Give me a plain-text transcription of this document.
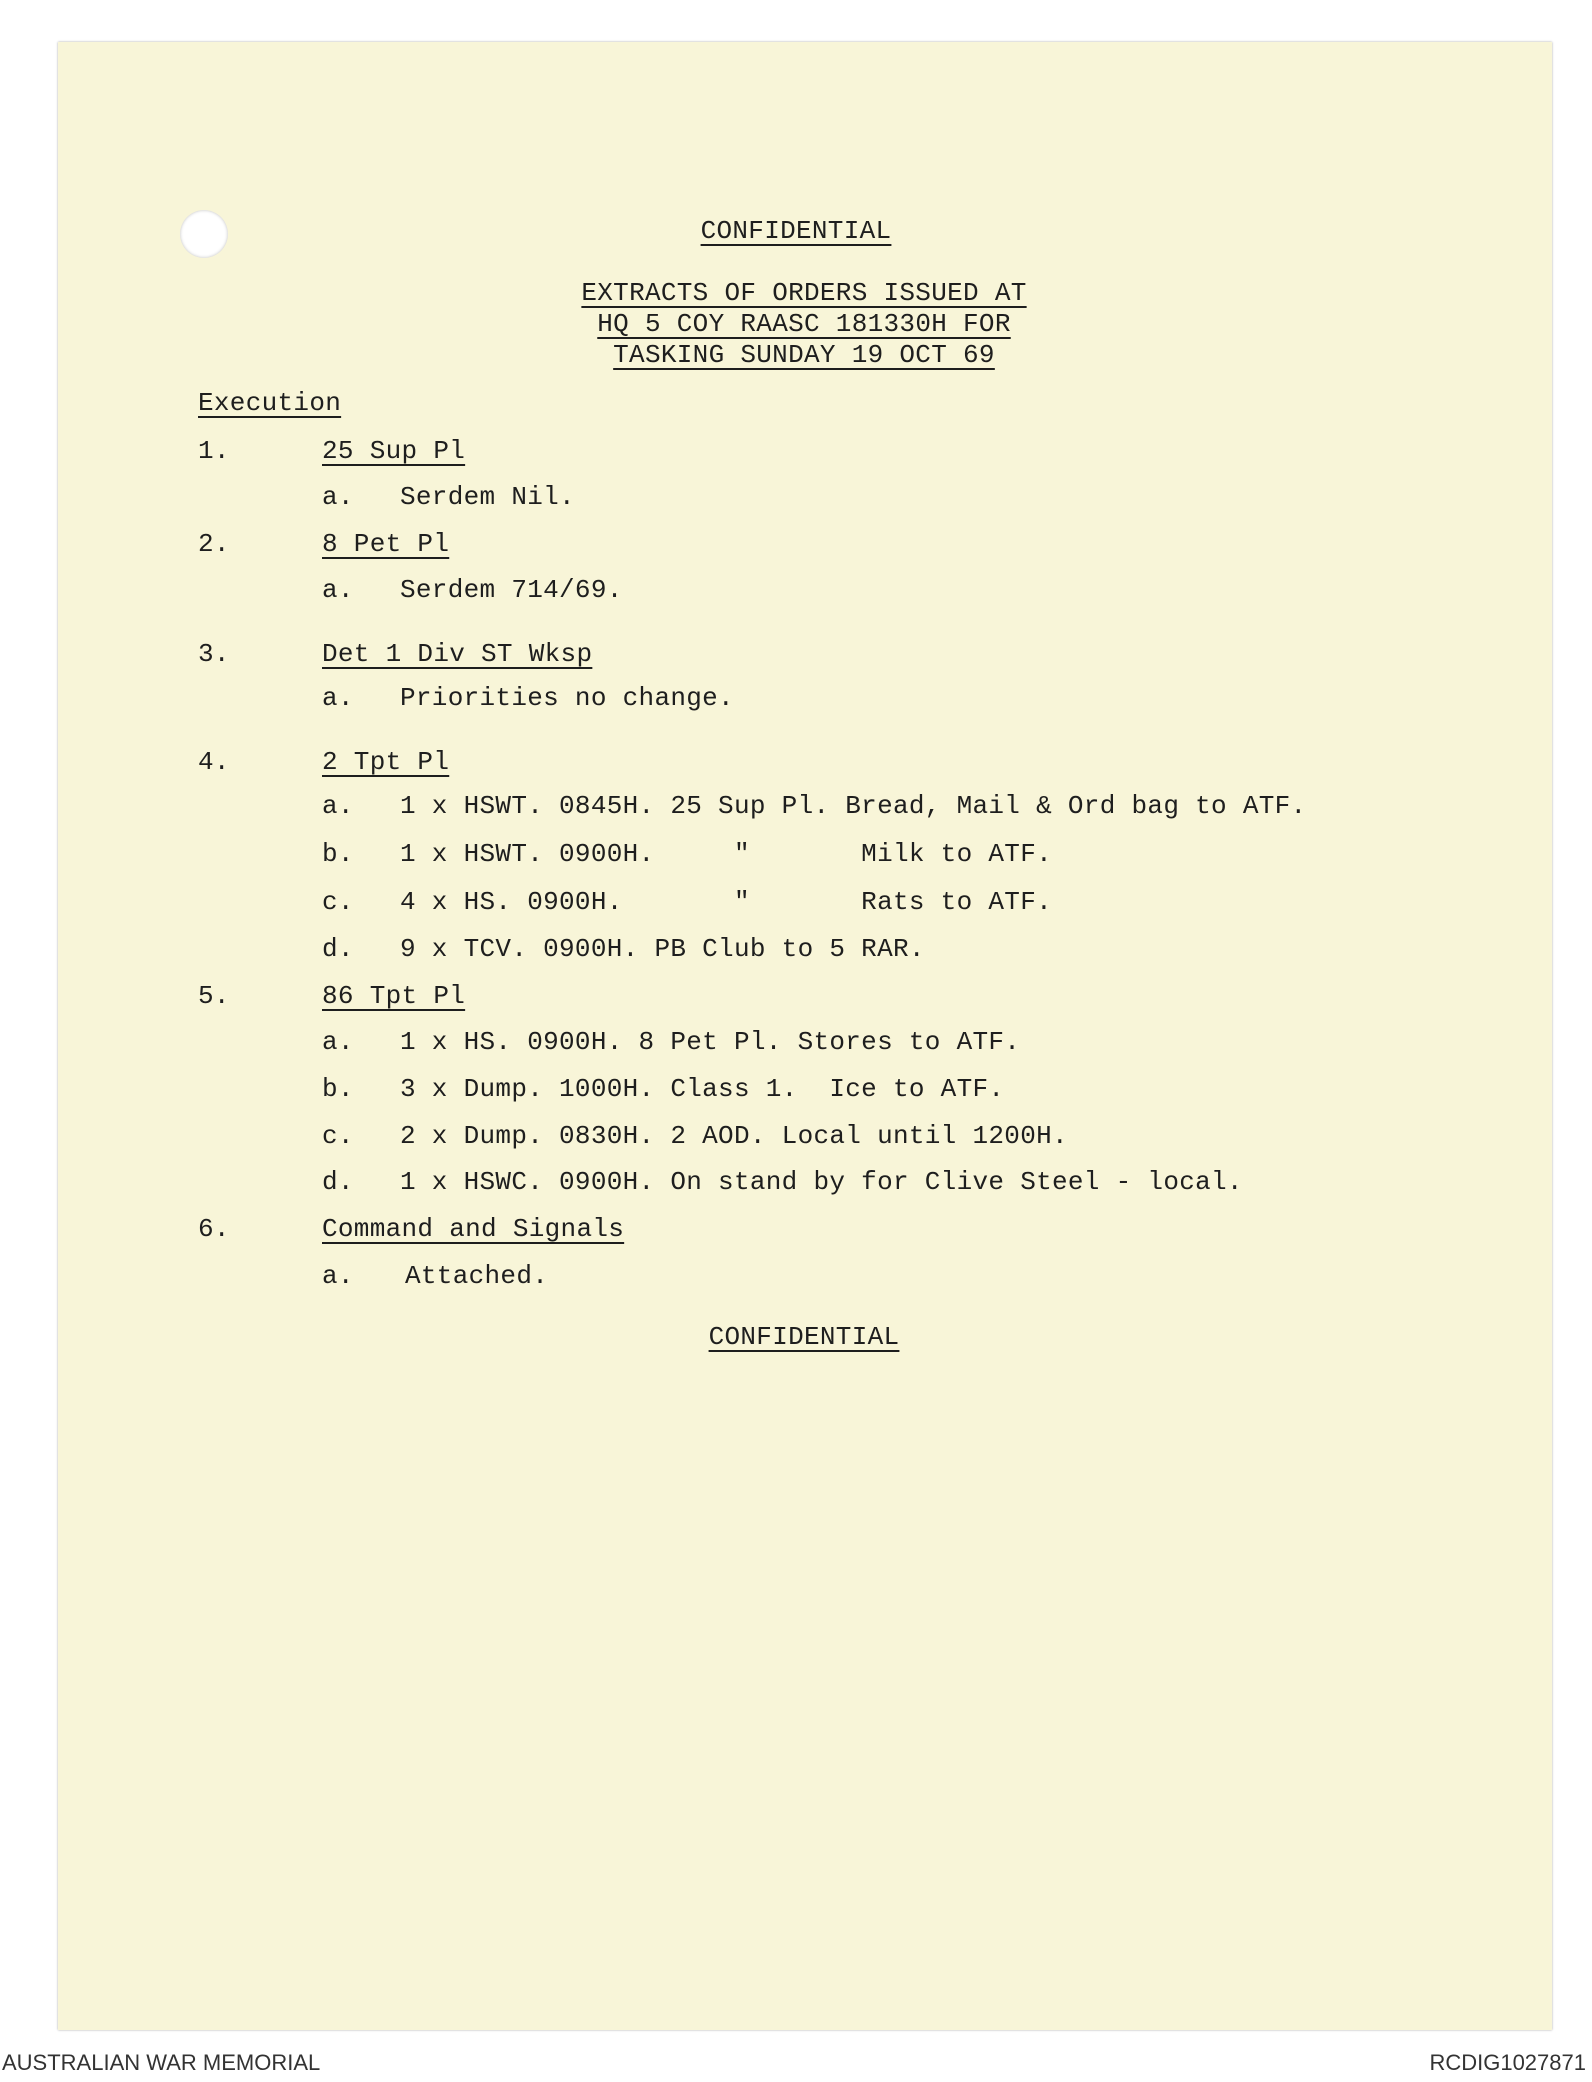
CONFIDENTIAL
EXTRACTS OF ORDERS ISSUED AT
HQ 5 COY RAASC 181330H FOR
TASKING SUNDAY 19 OCT 69
Execution
1.	25 Sup Pl
a. Serdem Nil.
2.	8 Pet Pl
a. Serdem 714/69.
3.	Det 1 Div ST Wksp
a. Priorities no change.
4.	2 Tpt Pl
a. 1 x HSWT. 0845H. 25 Sup Pl. Bread, Mail & Ord bag to ATF.
b. 1 x HSWT. 0900H.     "       Milk to ATF.
c. 4 x HS. 0900H.       "       Rats to ATF.
d. 9 x TCV. 0900H. PB Club to 5 RAR.
5.	86 Tpt Pl
a. 1 x HS. 0900H. 8 Pet Pl. Stores to ATF.
b. 3 x Dump. 1000H. Class 1.  Ice to ATF.
c. 2 x Dump. 0830H. 2 AOD. Local until 1200H.
d. 1 x HSWC. 0900H. On stand by for Clive Steel - local.
6.	Command and Signals
a. Attached.
CONFIDENTIAL
AUSTRALIAN WAR MEMORIAL	RCDIG1027871
